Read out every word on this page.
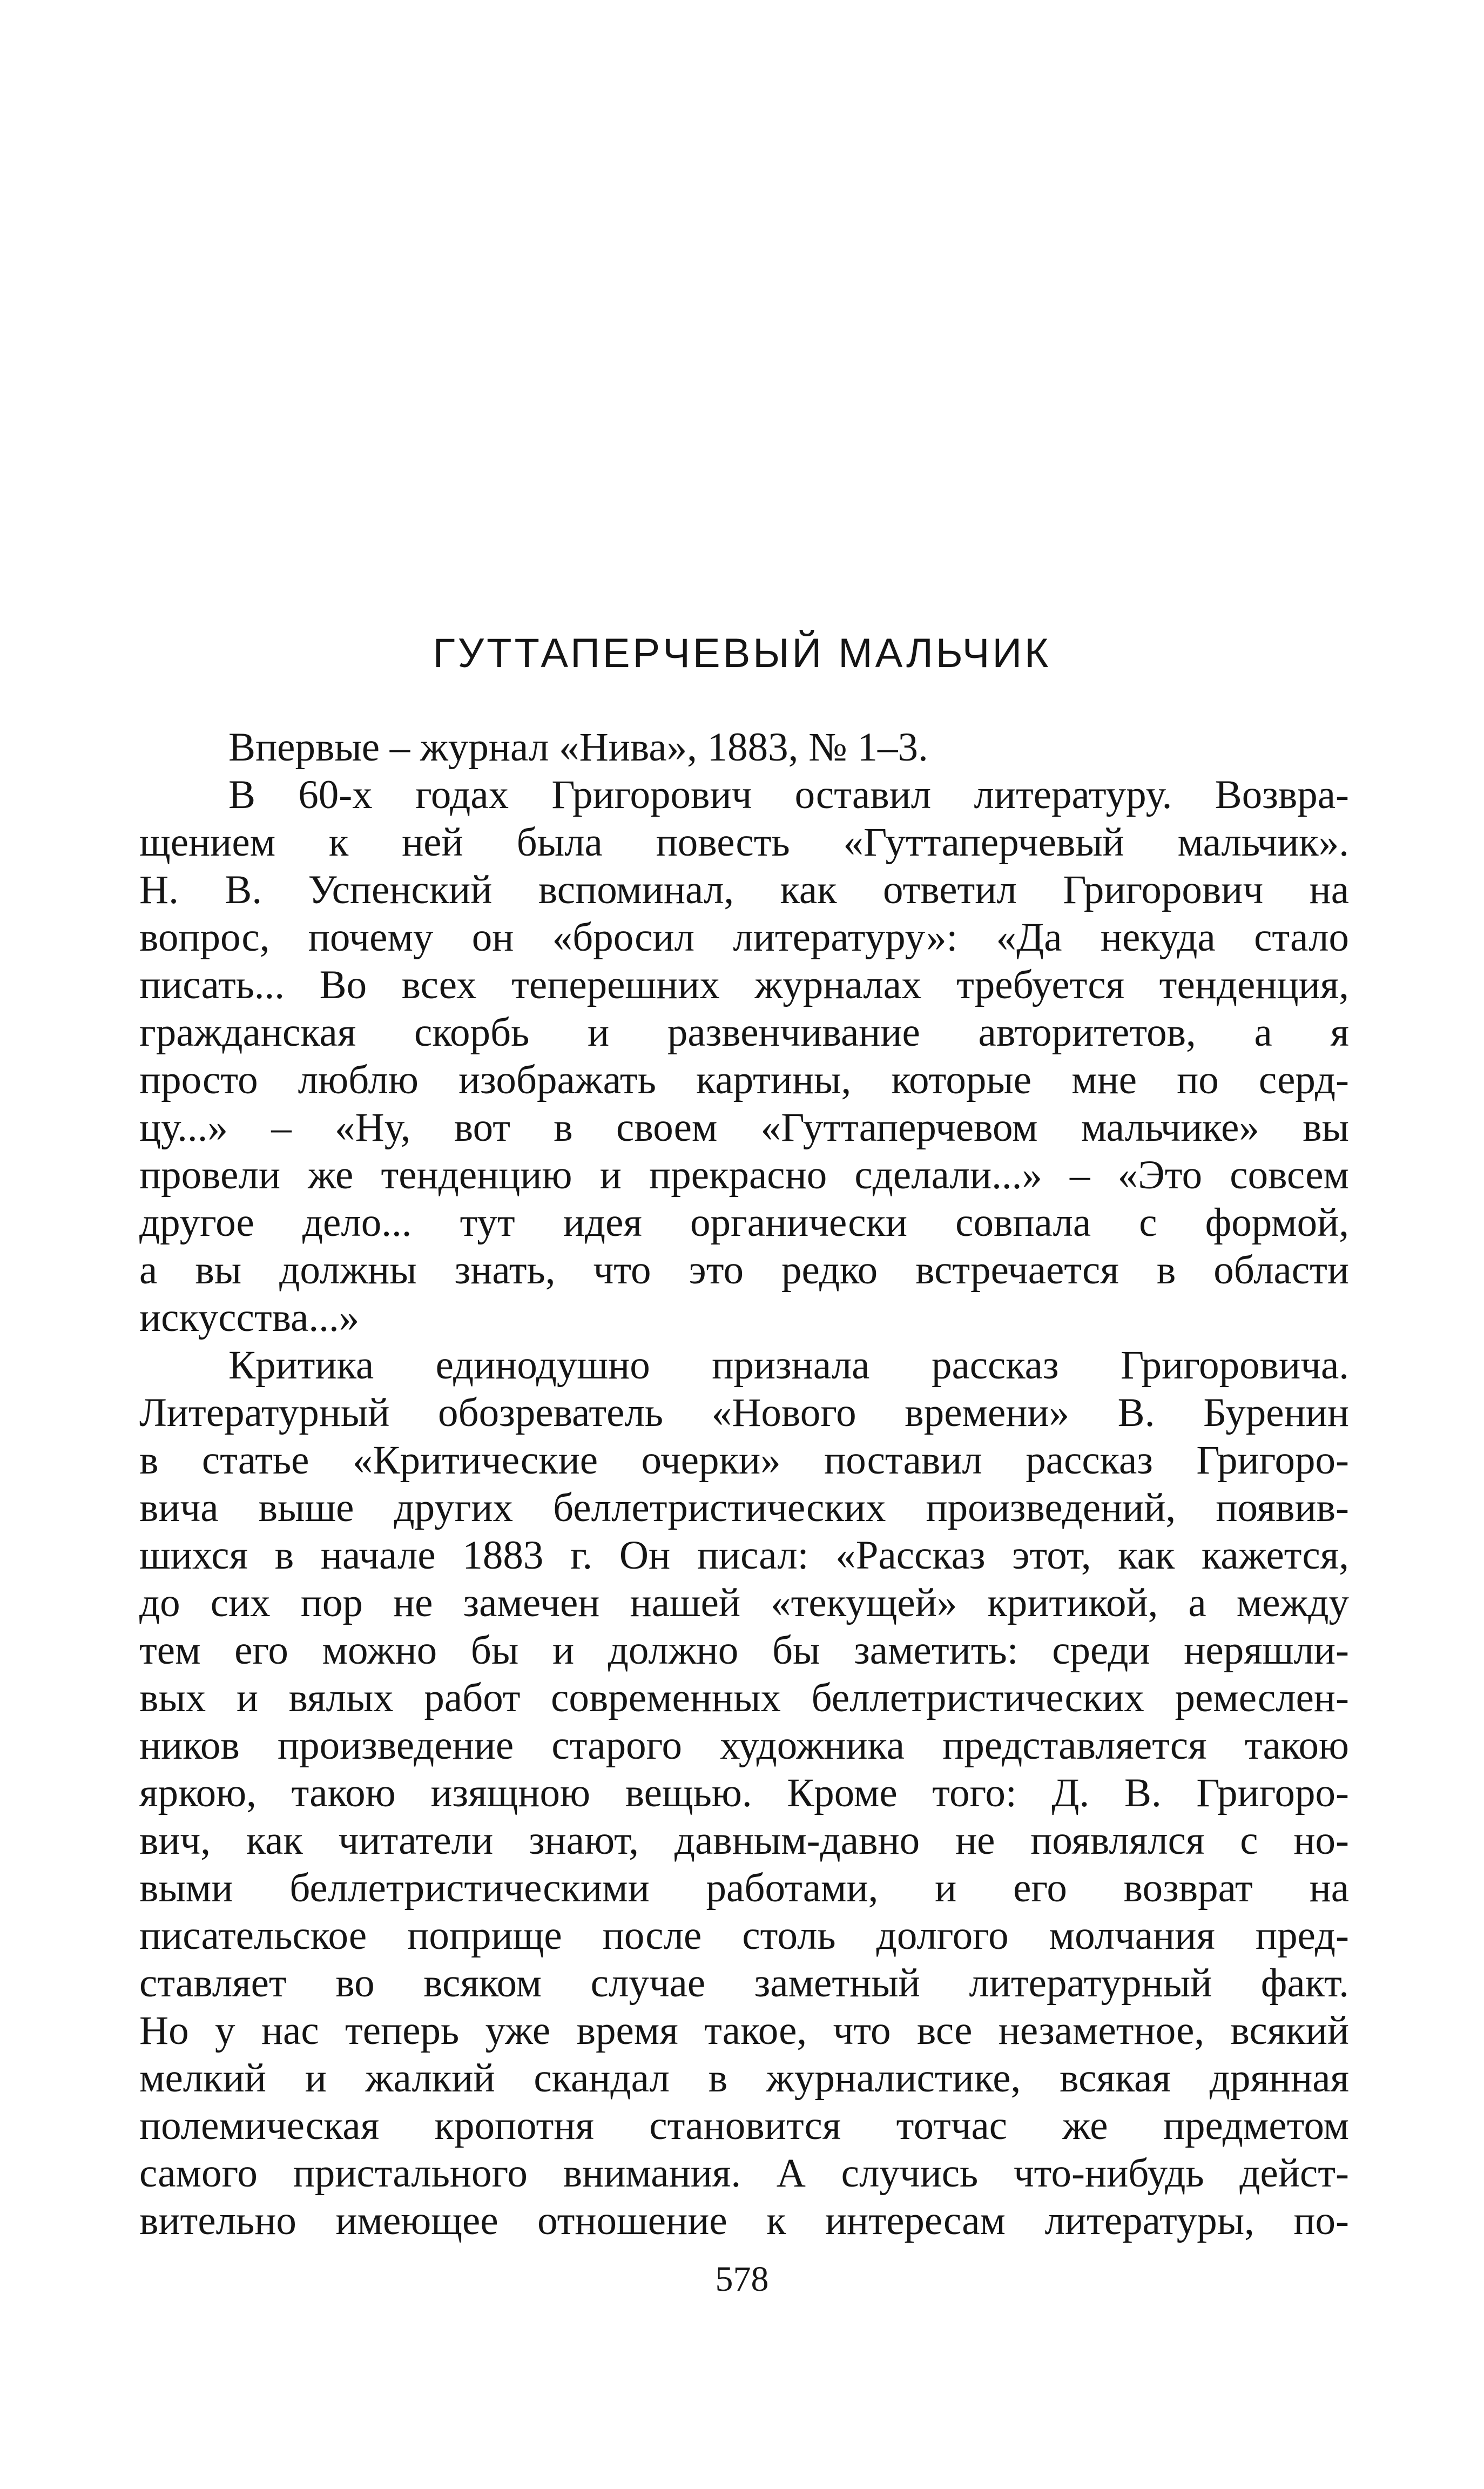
ГУТТАПЕРЧЕВЫЙ МАЛЬЧИК
Впервые – журнал «Нива», 1883, № 1–3.
В 60-х годах Григорович оставил литературу. Возвра-
щением к ней была повесть «Гуттаперчевый мальчик».
Н. В. Успенский вспоминал, как ответил Григорович на
вопрос, почему он «бросил литературу»: «Да некуда стало
писать... Во всех теперешних журналах требуется тенденция,
гражданская скорбь и развенчивание авторитетов, а я
просто люблю изображать картины, которые мне по серд-
цу...» – «Ну, вот в своем «Гуттаперчевом мальчике» вы
провели же тенденцию и прекрасно сделали...» – «Это совсем
другое дело... тут идея органически совпала с формой,
а вы должны знать, что это редко встречается в области
искусства...»
Критика единодушно признала рассказ Григоровича.
Литературный обозреватель «Нового времени» В. Буренин
в статье «Критические очерки» поставил рассказ Григоро-
вича выше других беллетристических произведений, появив-
шихся в начале 1883 г. Он писал: «Рассказ этот, как кажется,
до сих пор не замечен нашей «текущей» критикой, а между
тем его можно бы и должно бы заметить: среди неряшли-
вых и вялых работ современных беллетристических ремеслен-
ников произведение старого художника представляется такою
яркою, такою изящною вещью. Кроме того: Д. В. Григоро-
вич, как читатели знают, давным-давно не появлялся с но-
выми беллетристическими работами, и его возврат на
писательское поприще после столь долгого молчания пред-
ставляет во всяком случае заметный литературный факт.
Но у нас теперь уже время такое, что все незаметное, всякий
мелкий и жалкий скандал в журналистике, всякая дрянная
полемическая кропотня становится тотчас же предметом
самого пристального внимания. А случись что-нибудь дейст-
вительно имеющее отношение к интересам литературы, по-
578
